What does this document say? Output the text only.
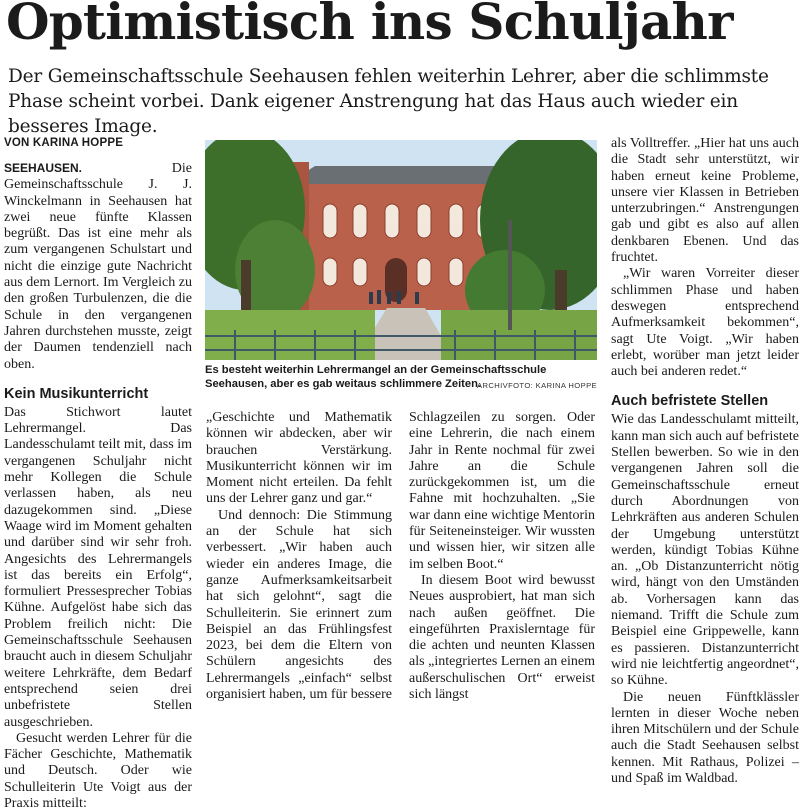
Optimistisch ins Schuljahr

Der Gemeinschaftsschule Seehausen fehlen weiterhin Lehrer, aber die schlimmste Phase scheint vorbei. Dank eigener Anstrengung hat das Haus auch wieder ein besseres Image.

VON KARINA HOPPE

SEEHAUSEN.	Die Gemeinschaftsschule J. J. Winckelmann in Seehausen hat zwei neue fünfte Klassen begrüßt. Das ist eine mehr als zum vergangenen Schulstart und nicht die einzige gute Nachricht aus dem Lernort. Im Vergleich zu den großen Turbulenzen, die die Schule in den vergangenen Jahren durchstehen musste, zeigt der Daumen tendenziell nach oben.

Kein Musikunterricht

Das Stichwort lautet Lehrermangel. Das Landesschulamt teilt mit, dass im vergangenen Schuljahr nicht mehr Kollegen die Schule verlassen haben, als neu dazugekommen sind. „Diese Waage wird im Moment gehalten und darüber sind wir sehr froh. Angesichts des Lehrermangels ist das bereits ein Erfolg“, formuliert Pressesprecher Tobias Kühne. Aufgelöst habe sich das Problem freilich nicht: Die Gemeinschaftsschule Seehausen braucht auch in diesem Schuljahr weitere Lehrkräfte, dem Bedarf entsprechend seien drei unbefristete Stellen ausgeschrieben.

Gesucht werden Lehrer für die Fächer Geschichte, Mathematik und Deutsch. Oder wie Schulleiterin Ute Voigt aus der Praxis mitteilt:

Es besteht weiterhin Lehrermangel an der Gemeinschaftsschule Seehausen, aber es gab weitaus schlimmere Zeiten.

ARCHIVFOTO: KARINA HOPPE

„Geschichte und Mathematik können wir abdecken, aber wir brauchen Verstärkung. Musikunterricht können wir im Moment nicht erteilen. Da fehlt uns der Lehrer ganz und gar.“

Und dennoch: Die Stimmung an der Schule hat sich verbessert. „Wir haben auch wieder ein anderes Image, die ganze Aufmerksamkeitsarbeit hat sich gelohnt“, sagt die Schulleiterin. Sie erinnert zum Beispiel an das Frühlingsfest 2023, bei dem die Eltern von Schülern angesichts des Lehrermangels „einfach“ selbst organisiert haben, um für bessere

Schlagzeilen zu sorgen. Oder eine Lehrerin, die nach einem Jahr in Rente nochmal für zwei Jahre an die Schule zurückgekommen ist, um die Fahne mit hochzuhalten. „Sie war dann eine wichtige Mentorin für Seiteneinsteiger. Wir wussten und wissen hier, wir sitzen alle im selben Boot.“

In diesem Boot wird bewusst Neues ausprobiert, hat man sich nach außen geöffnet. Die eingeführten Praxislerntage für die achten und neunten Klassen als „integriertes Lernen an einem außerschulischen Ort“ erweist sich längst

als Volltreffer. „Hier hat uns auch die Stadt sehr unterstützt, wir haben erneut keine Probleme, unsere vier Klassen in Betrieben unterzubringen.“ Anstrengungen gab und gibt es also auf allen denkbaren Ebenen. Und das fruchtet.

„Wir waren Vorreiter dieser schlimmen Phase und haben deswegen entsprechend Aufmerksamkeit bekommen“, sagt Ute Voigt. „Wir haben erlebt, worüber man jetzt leider auch bei anderen redet.“

Auch befristete Stellen

Wie das Landesschulamt mitteilt, kann man sich auch auf befristete Stellen bewerben. So wie in den vergangenen Jahren soll die Gemeinschaftsschule erneut durch Abordnungen von Lehrkräften aus anderen Schulen der Umgebung unterstützt werden, kündigt Tobias Kühne an. „Ob Distanzunterricht nötig wird, hängt von den Umständen ab. Vorhersagen kann das niemand. Trifft die Schule zum Beispiel eine Grippewelle, kann es passieren. Distanzunterricht wird nie leichtfertig angeordnet“, so Kühne.

Die neuen Fünftklässler lernten in dieser Woche neben ihren Mitschülern und der Schule auch die Stadt Seehausen selbst kennen. Mit Rathaus, Polizei – und Spaß im Waldbad.
